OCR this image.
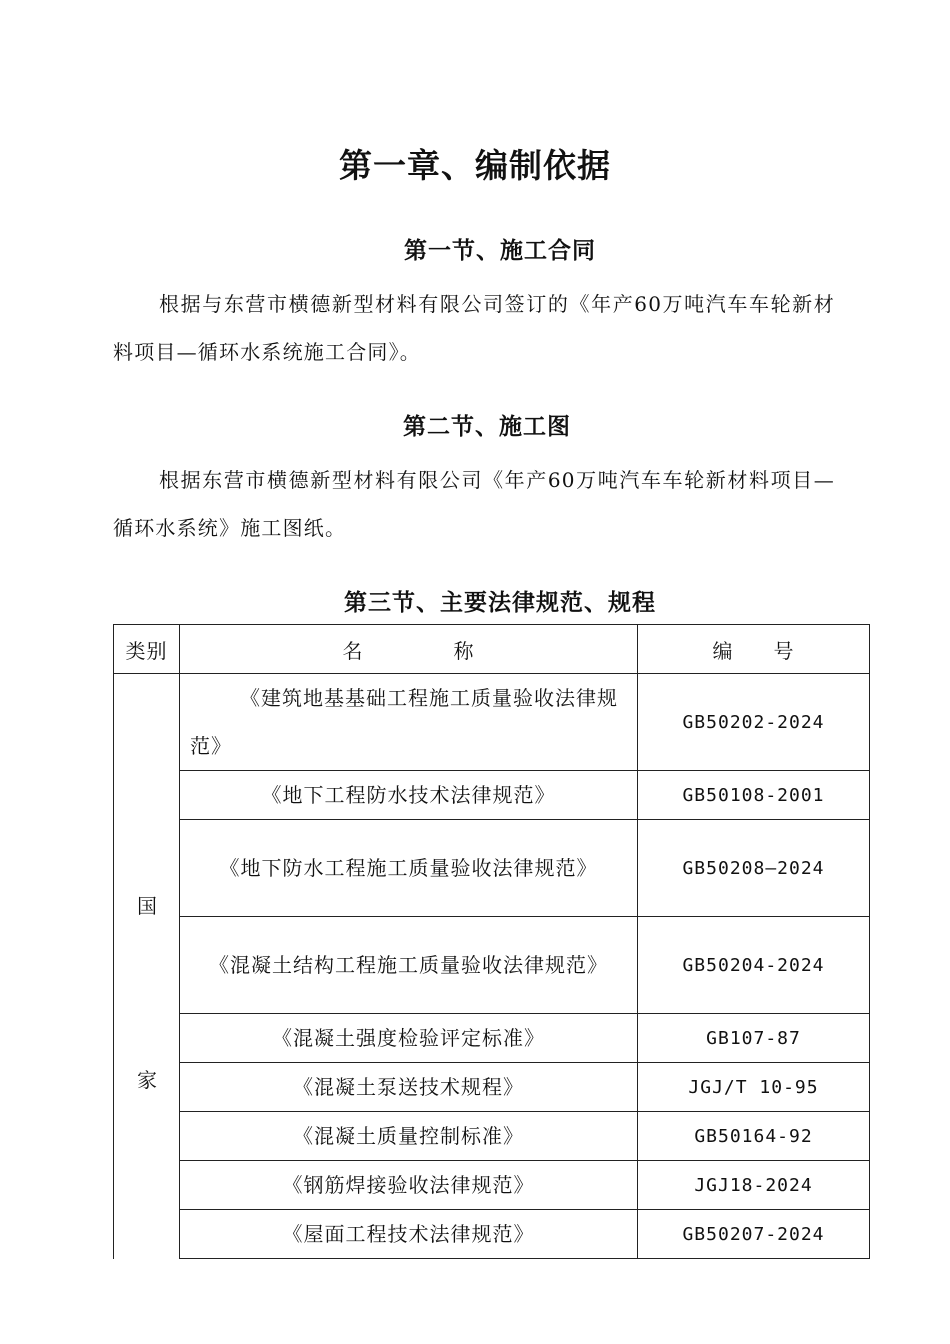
第一章、编制依据
第一节、施工合同

根据与东营市横德新型材料有限公司签订的《年产60万吨汽车车轮新材料项目—循环水系统施工合同》。

第二节、施工图

根据东营市横德新型材料有限公司《年产60万吨汽车车轮新材料项目—循环水系统》施工图纸。

第三节、主要法律规范、规程
类别	名 称	编 号

国
家	《建筑地基基础工程施工质量验收法律规范》	GB50202-2024
	《地下工程防水技术法律规范》	GB50108-2001
	《地下防水工程施工质量验收法律规范》	GB50208—2024
	《混凝土结构工程施工质量验收法律规范》	GB50204-2024
	《混凝土强度检验评定标准》	GB107-87
	《混凝土泵送技术规程》	JGJ/T 10-95
	《混凝土质量控制标准》	GB50164-92
	《钢筋焊接验收法律规范》	JGJ18-2024
	《屋面工程技术法律规范》	GB50207-2024
